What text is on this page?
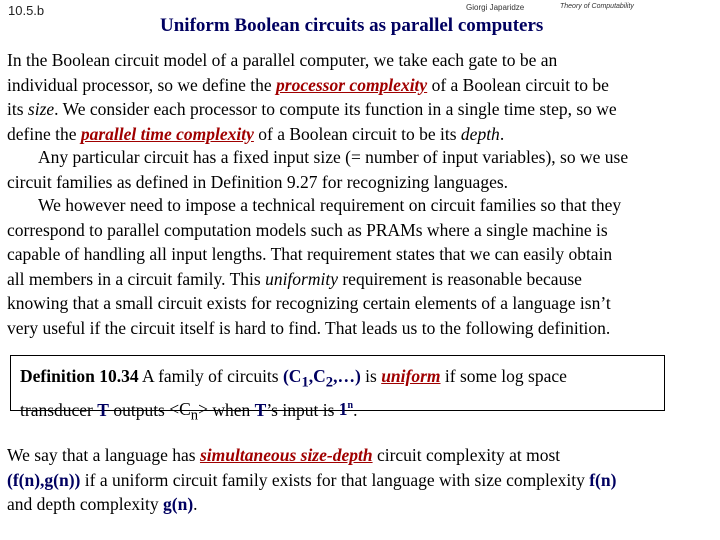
10.5.b	Giorgi Japaridze	Theory of Computability
Uniform Boolean circuits as parallel computers
In the Boolean circuit model of a parallel computer, we take each gate to be an
individual processor, so we define the processor complexity of a Boolean circuit to be
its size. We consider each processor to compute its function in a single time step, so we
define the parallel time complexity of a Boolean circuit to be its depth.
Any particular circuit has a fixed input size (= number of input variables), so we use
circuit families as defined in Definition 9.27 for recognizing languages.
We however need to impose a technical requirement on circuit families so that they
correspond to parallel computation models such as PRAMs where a single machine is
capable of handling all input lengths. That requirement states that we can easily obtain
all members in a circuit family. This uniformity requirement is reasonable because
knowing that a small circuit exists for recognizing certain elements of a language isn’t
very useful if the circuit itself is hard to find. That leads us to the following definition.
Definition 10.34 A family of circuits $(C_1,C_2,\dots)$ is uniform if some log space
transducer T outputs $<C_n>$ when T’s input is 1$^n$.
We say that a language has simultaneous size-depth circuit complexity at most
(f(n),g(n)) if a uniform circuit family exists for that language with size complexity f(n)
and depth complexity g(n).
